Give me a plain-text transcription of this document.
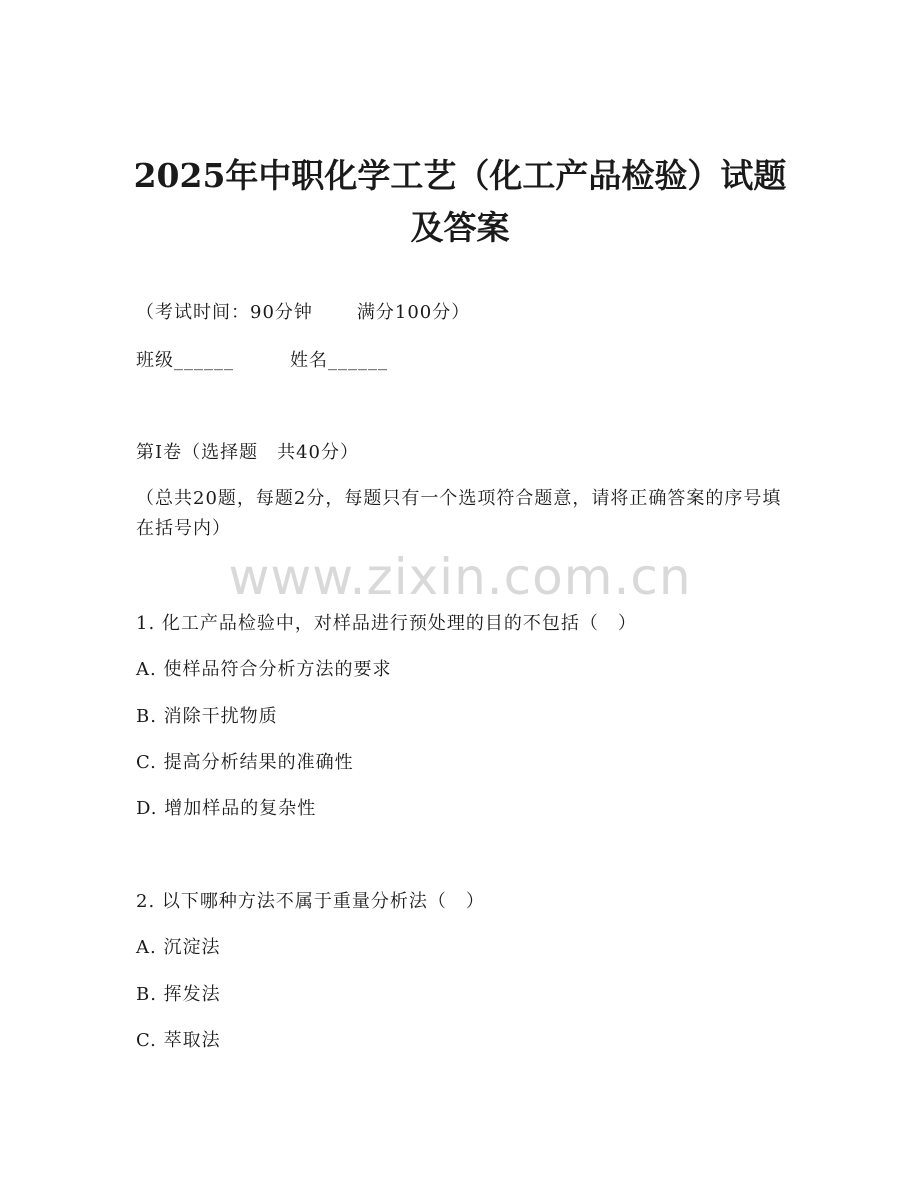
2025年中职化学工艺（化工产品检验）试题
及答案
（考试时间：90分钟 满分100分）
班级______	姓名______
第Ⅰ卷（选择题　共40分）
（总共20题，每题2分，每题只有一个选项符合题意，请将正确答案的序号填在括号内）
www.zixin.com.cn
1. 化工产品检验中，对样品进行预处理的目的不包括（　）
A. 使样品符合分析方法的要求
B. 消除干扰物质
C. 提高分析结果的准确性
D. 增加样品的复杂性
2. 以下哪种方法不属于重量分析法（　）
A. 沉淀法
B. 挥发法
C. 萃取法
